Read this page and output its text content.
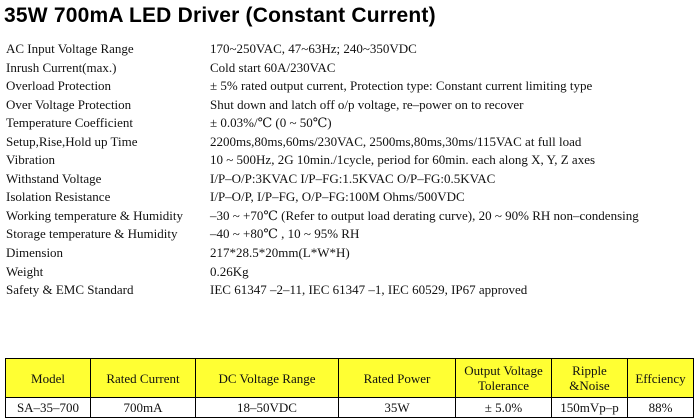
35W 700mA LED Driver (Constant Current)
AC Input Voltage Range	170~250VAC, 47~63Hz; 240~350VDC
Inrush Current(max.)	Cold start 60A/230VAC
Overload Protection	± 5% rated output current, Protection type: Constant current limiting type
Over Voltage Protection	Shut down and latch off o/p voltage, re–power on to recover
Temperature Coefficient	± 0.03%/℃ (0 ~ 50℃)
Setup,Rise,Hold up Time	2200ms,80ms,60ms/230VAC, 2500ms,80ms,30ms/115VAC at full load
Vibration	10 ~ 500Hz, 2G 10min./1cycle, period for 60min. each along X, Y, Z axes
Withstand Voltage	I/P–O/P:3KVAC I/P–FG:1.5KVAC O/P–FG:0.5KVAC
Isolation Resistance	I/P–O/P, I/P–FG, O/P–FG:100M Ohms/500VDC
Working temperature & Humidity	–30 ~ +70℃ (Refer to output load derating curve), 20 ~ 90% RH non–condensing
Storage temperature & Humidity	–40 ~ +80℃ , 10 ~ 95% RH
Dimension	217*28.5*20mm(L*W*H)
Weight	0.26Kg
Safety & EMC Standard	IEC 61347 –2–11, IEC 61347 –1, IEC 60529, IP67 approved
Model	Rated Current	DC Voltage Range	Rated Power	Output Voltage Tolerance	Ripple &Noise	Effciency
SA–35–700	700mA	18–50VDC	35W	± 5.0%	150mVp–p	88%
